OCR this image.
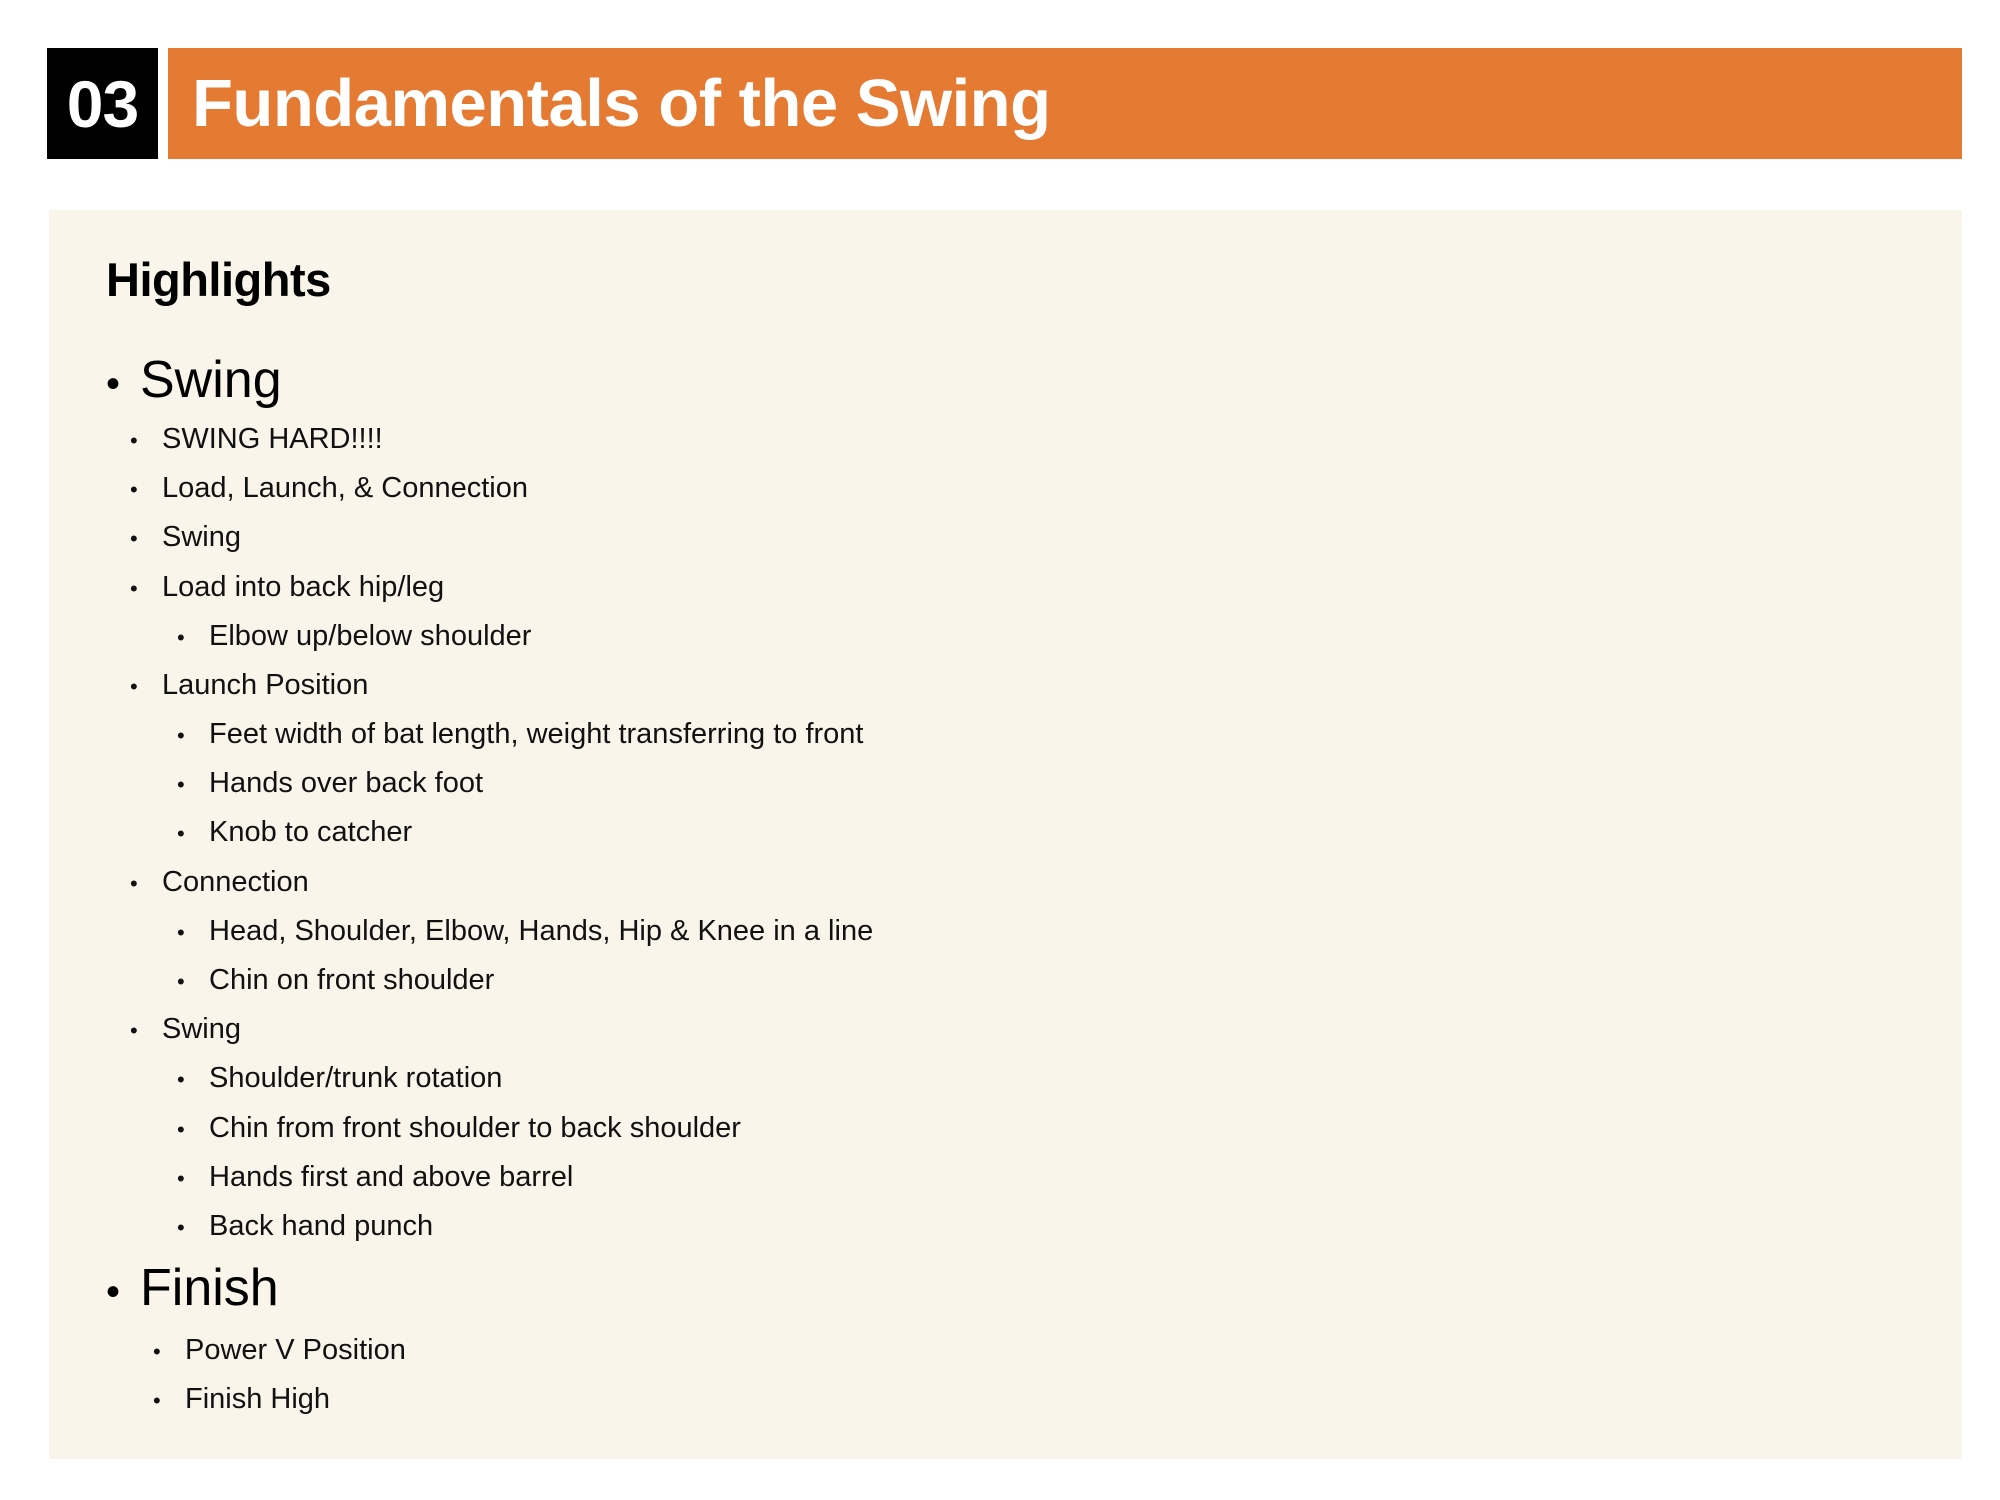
03 Fundamentals of the Swing
Highlights
• Swing
• SWING HARD!!!!
• Load, Launch, & Connection
• Swing
• Load into back hip/leg
• Elbow up/below shoulder
• Launch Position
• Feet width of bat length, weight transferring to front
• Hands over back foot
• Knob to catcher
• Connection
• Head, Shoulder, Elbow, Hands, Hip & Knee in a line
• Chin on front shoulder
• Swing
• Shoulder/trunk rotation
• Chin from front shoulder to back shoulder
• Hands first and above barrel
• Back hand punch
• Finish
• Power V Position
• Finish High
